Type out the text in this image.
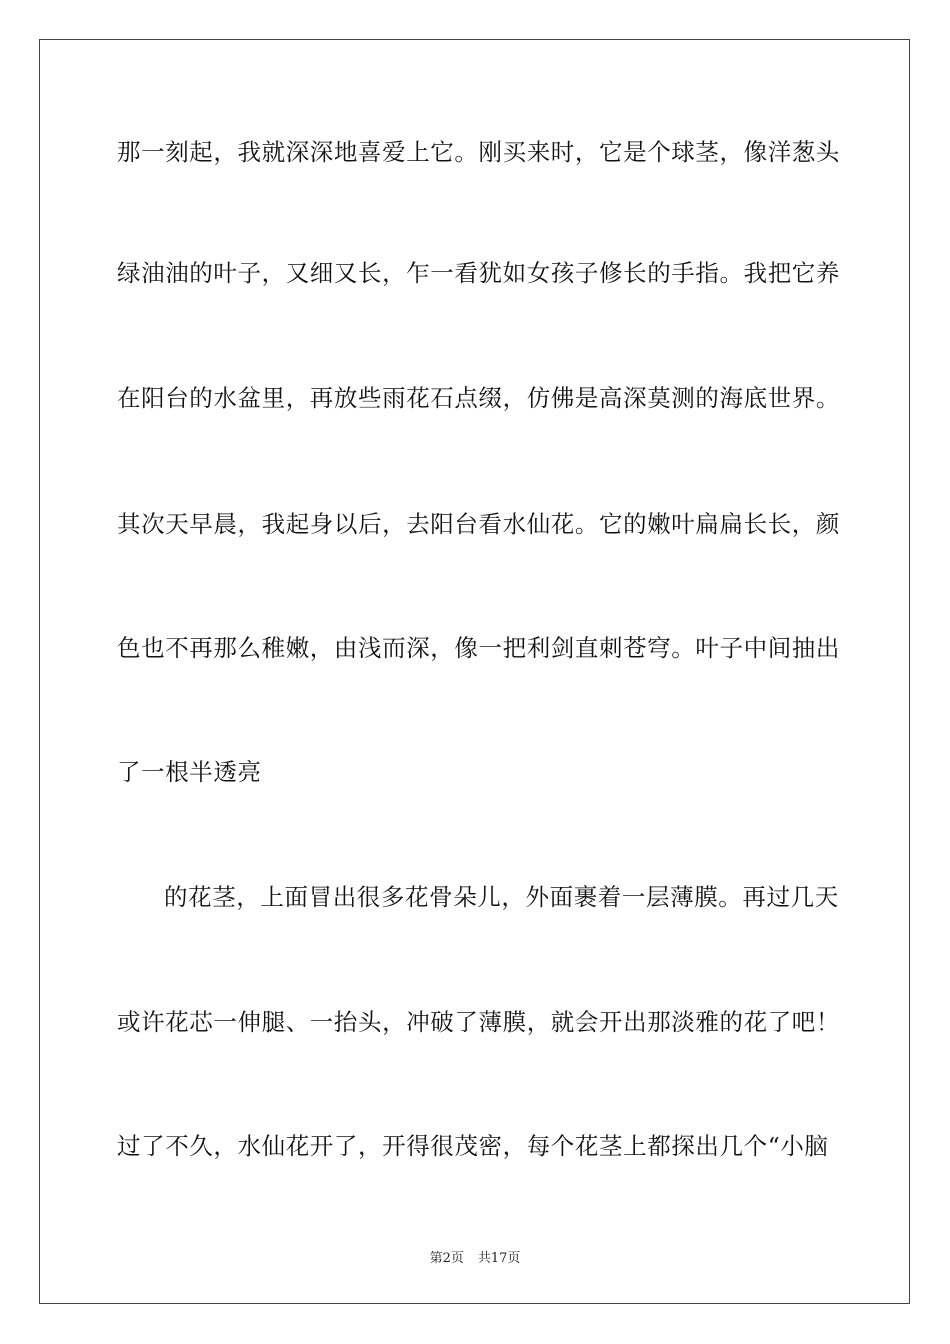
那一刻起，我就深深地喜爱上它。刚买来时，它是个球茎，像洋葱头
绿油油的叶子，又细又长，乍一看犹如女孩子修长的手指。我把它养
在阳台的水盆里，再放些雨花石点缀，仿佛是高深莫测的海底世界。
其次天早晨，我起身以后，去阳台看水仙花。它的嫩叶扁扁长长，颜
色也不再那么稚嫩，由浅而深，像一把利剑直刺苍穹。叶子中间抽出
了一根半透亮
的花茎，上面冒出很多花骨朵儿，外面裹着一层薄膜。再过几天
或许花芯一伸腿、一抬头，冲破了薄膜，就会开出那淡雅的花了吧！
过了不久，水仙花开了，开得很茂密，每个花茎上都探出几个“小脑
第2页 共17页
